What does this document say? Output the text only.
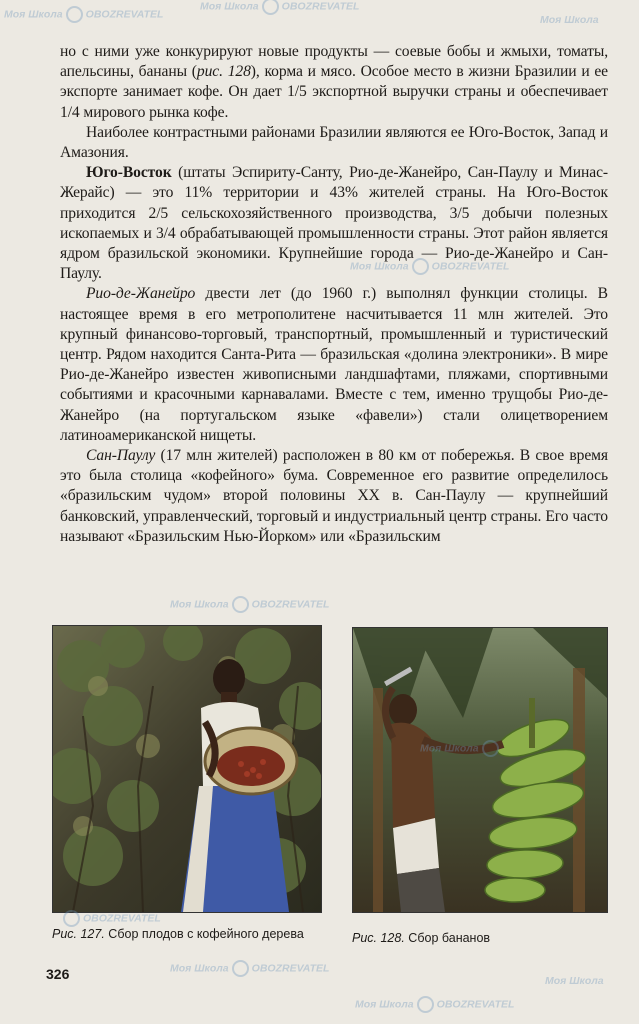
но с ними уже конкурируют новые продукты — соевые бобы и жмыхи, томаты, апельсины, бананы (рис. 128), корма и мясо. Особое место в жизни Бразилии и ее экспорте занимает кофе. Он дает 1/5 экспортной выручки страны и обеспечивает 1/4 мирового рынка кофе.

Наиболее контрастными районами Бразилии являются ее Юго-Восток, Запад и Амазония.

Юго-Восток (штаты Эспириту-Санту, Рио-де-Жанейро, Сан-Паулу и Минас-Жерайс) — это 11% территории и 43% жителей страны. На Юго-Восток приходится 2/5 сельскохозяйственного производства, 3/5 добычи полезных ископаемых и 3/4 обрабатывающей промышленности страны. Этот район является ядром бразильской экономики. Крупнейшие города — Рио-де-Жанейро и Сан-Паулу.

Рио-де-Жанейро двести лет (до 1960 г.) выполнял функции столицы. В настоящее время в его метрополитене насчитывается 11 млн жителей. Это крупный финансово-торговый, транспортный, промышленный и туристический центр. Рядом находится Санта-Рита — бразильская «долина электроники». В мире Рио-де-Жанейро известен живописными ландшафтами, пляжами, спортивными событиями и красочными карнавалами. Вместе с тем, именно трущобы Рио-де-Жанейро (на португальском языке «фавели») стали олицетворением латиноамериканской нищеты.

Сан-Паулу (17 млн жителей) расположен в 80 км от побережья. В свое время это была столица «кофейного» бума. Современное его развитие определилось «бразильским чудом» второй половины XX в. Сан-Паулу — крупнейший банковский, управленческий, торговый и индустриальный центр страны. Его часто называют «Бразильским Нью-Йорком» или «Бразильским

Рис. 127. Сбор плодов с кофейного дерева	Рис. 128. Сбор бананов
326
Моя Школа OBOZREVATEL
Моя Школа OBOZREVATEL
Моя Школа
Моя Школа OBOZREVATEL
Моя Школа OBOZREVATEL
Моя Школа
OBOZREVATEL
Моя Школа OBOZREVATEL
Моя Школа OBOZREVATEL
Моя Школа
